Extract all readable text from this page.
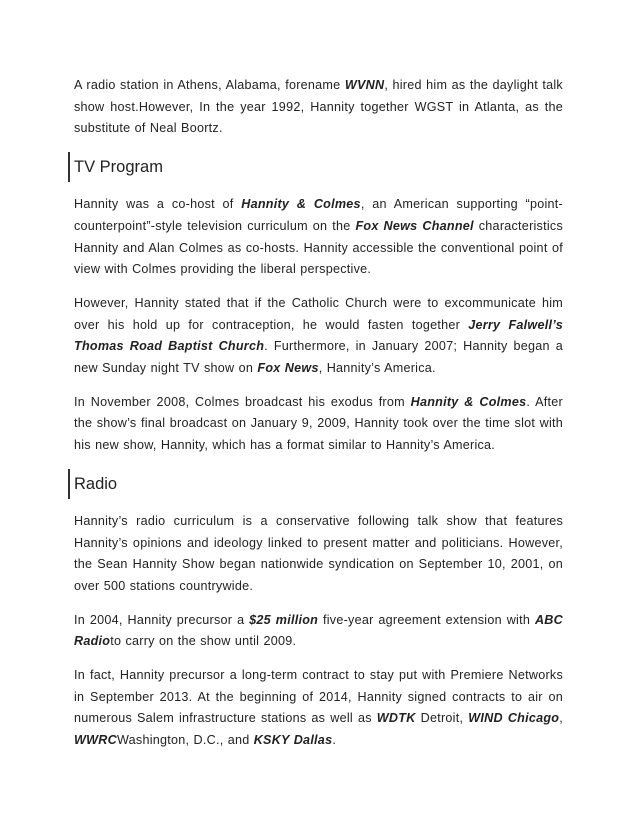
A radio station in Athens, Alabama, forename WVNN, hired him as the daylight talk show host.However, In the year 1992, Hannity together WGST in Atlanta, as the substitute of Neal Boortz.

TV Program

Hannity was a co-host of Hannity & Colmes, an American supporting “point-counterpoint”-style television curriculum on the Fox News Channel characteristics Hannity and Alan Colmes as co-hosts. Hannity accessible the conventional point of view with Colmes providing the liberal perspective.

However, Hannity stated that if the Catholic Church were to excommunicate him over his hold up for contraception, he would fasten together Jerry Falwell’s Thomas Road Baptist Church. Furthermore, in January 2007; Hannity began a new Sunday night TV show on Fox News, Hannity’s America.

In November 2008, Colmes broadcast his exodus from Hannity & Colmes. After the show’s final broadcast on January 9, 2009, Hannity took over the time slot with his new show, Hannity, which has a format similar to Hannity’s America.

Radio

Hannity’s radio curriculum is a conservative following talk show that features Hannity’s opinions and ideology linked to present matter and politicians. However, the Sean Hannity Show began nationwide syndication on September 10, 2001, on over 500 stations countrywide.

In 2004, Hannity precursor a $25 million five-year agreement extension with ABC Radioto carry on the show until 2009.

In fact, Hannity precursor a long-term contract to stay put with Premiere Networks in September 2013. At the beginning of 2014, Hannity signed contracts to air on numerous Salem infrastructure stations as well as WDTK Detroit, WIND Chicago, WWRCWashington, D.C., and KSKY Dallas.
